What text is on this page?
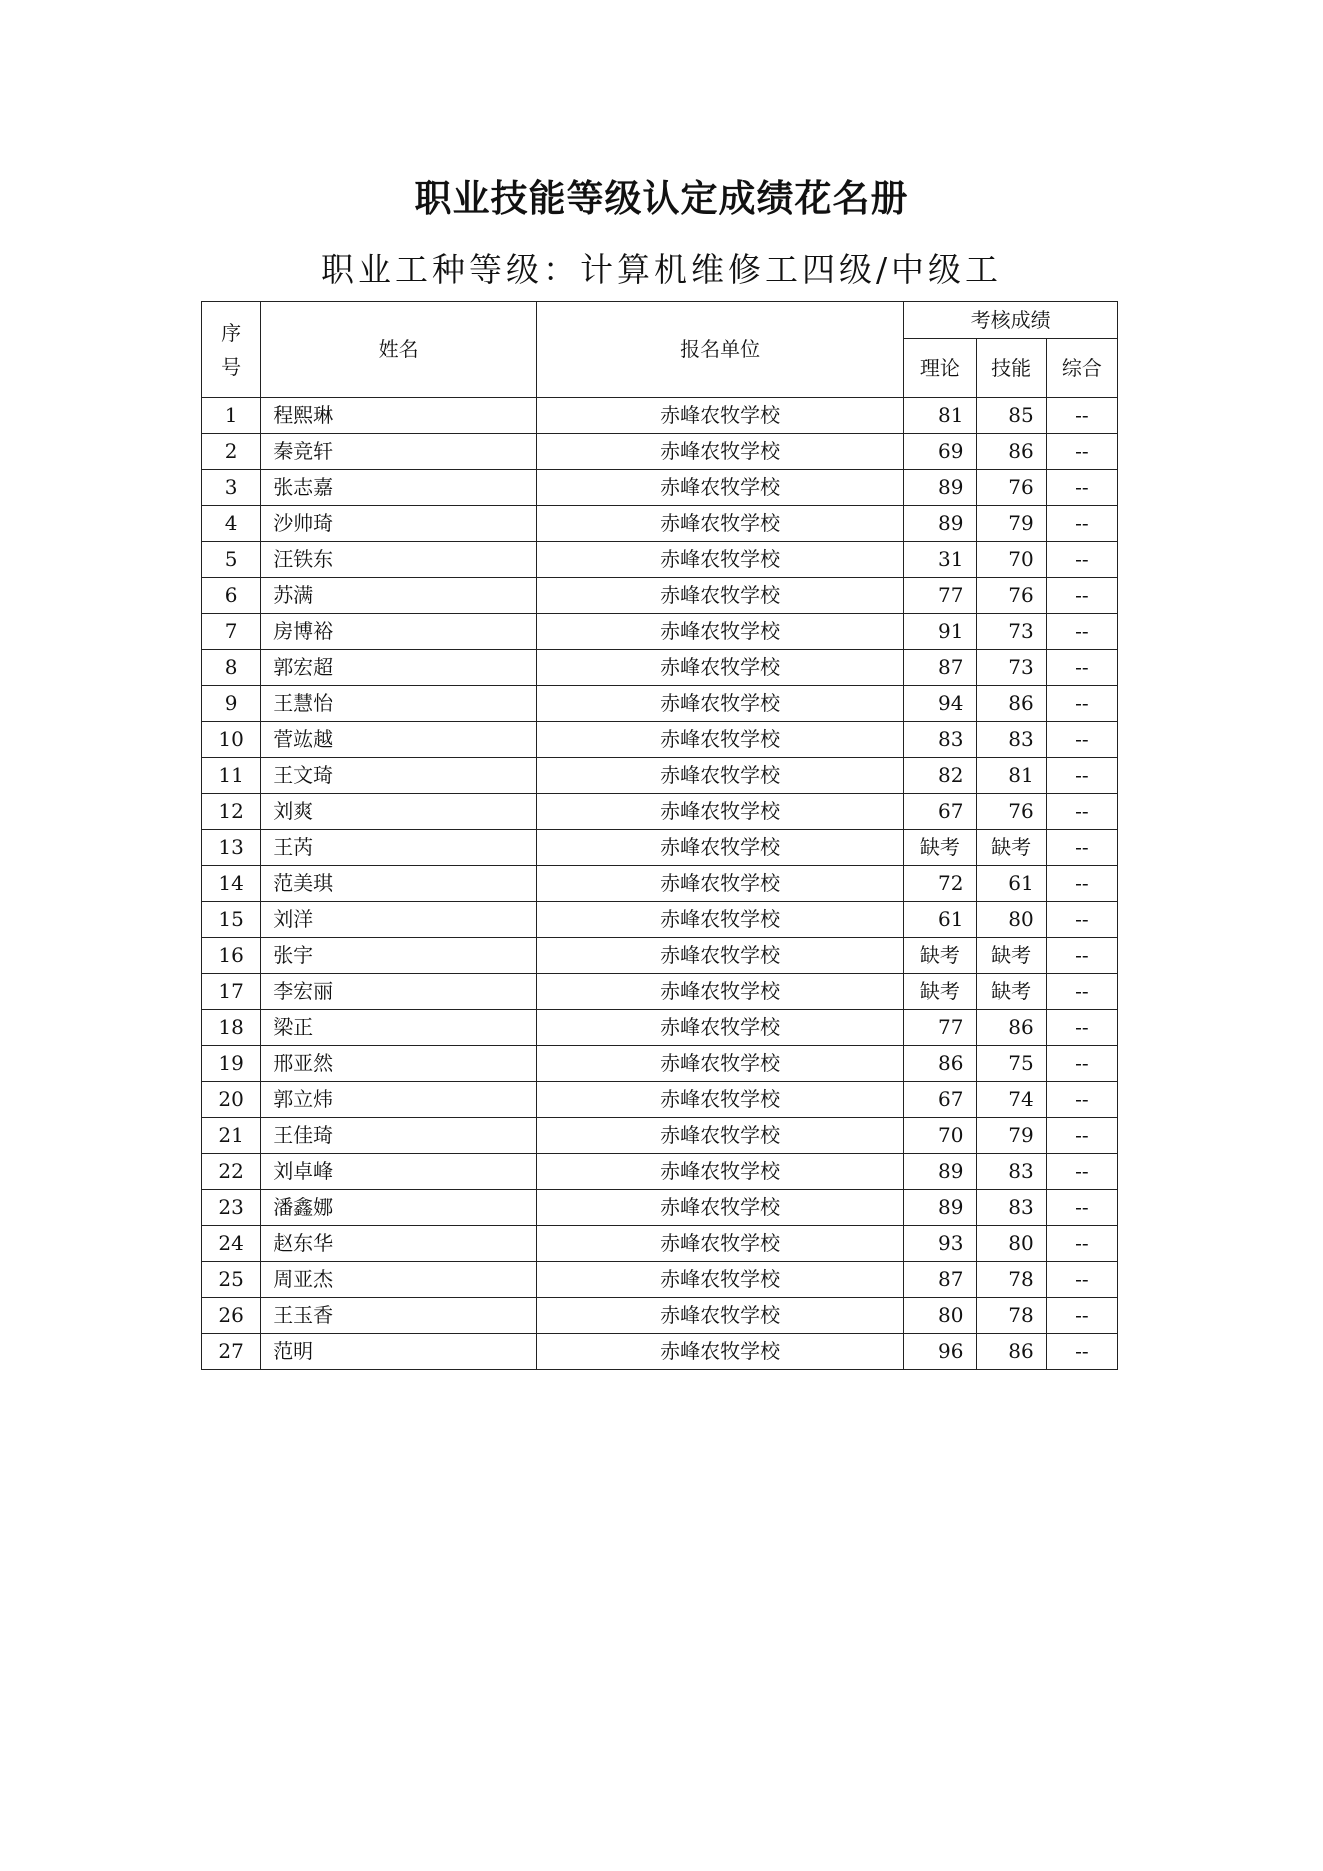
职业技能等级认定成绩花名册
职业工种等级：计算机维修工四级/中级工
序
号	姓名	报名单位	考核成绩		
			理论	技能	综合
1	程熙琳	赤峰农牧学校	81	85	--
2	秦竞轩	赤峰农牧学校	69	86	--
3	张志嘉	赤峰农牧学校	89	76	--
4	沙帅琦	赤峰农牧学校	89	79	--
5	汪铁东	赤峰农牧学校	31	70	--
6	苏满	赤峰农牧学校	77	76	--
7	房博裕	赤峰农牧学校	91	73	--
8	郭宏超	赤峰农牧学校	87	73	--
9	王慧怡	赤峰农牧学校	94	86	--
10	菅竑越	赤峰农牧学校	83	83	--
11	王文琦	赤峰农牧学校	82	81	--
12	刘爽	赤峰农牧学校	67	76	--
13	王芮	赤峰农牧学校	缺考	缺考	--
14	范美琪	赤峰农牧学校	72	61	--
15	刘洋	赤峰农牧学校	61	80	--
16	张宇	赤峰农牧学校	缺考	缺考	--
17	李宏丽	赤峰农牧学校	缺考	缺考	--
18	梁正	赤峰农牧学校	77	86	--
19	邢亚然	赤峰农牧学校	86	75	--
20	郭立炜	赤峰农牧学校	67	74	--
21	王佳琦	赤峰农牧学校	70	79	--
22	刘卓峰	赤峰农牧学校	89	83	--
23	潘鑫娜	赤峰农牧学校	89	83	--
24	赵东华	赤峰农牧学校	93	80	--
25	周亚杰	赤峰农牧学校	87	78	--
26	王玉香	赤峰农牧学校	80	78	--
27	范明	赤峰农牧学校	96	86	--
